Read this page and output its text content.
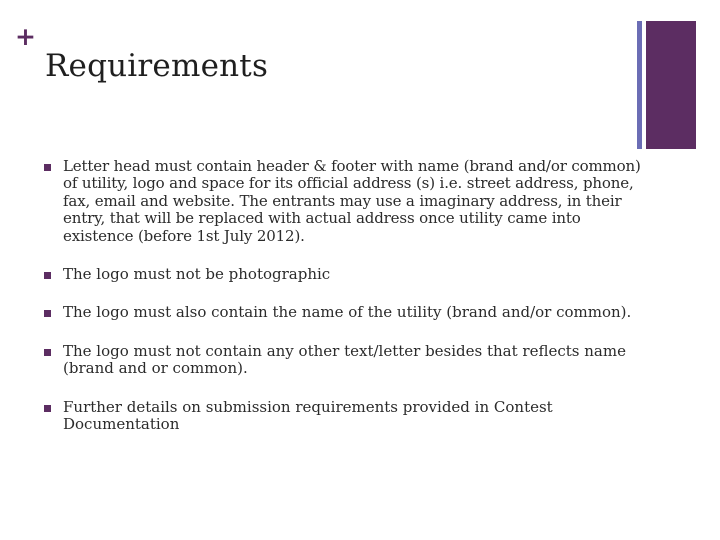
+
Requirements
Letter head must contain header & footer with name (brand and/or common) of utility, logo and space for its official address (s) i.e. street address, phone, fax, email and website. The entrants may use a imaginary address, in their entry, that will be replaced with actual address once utility came into existence (before 1st July 2012).
The logo must not be photographic
The logo must also contain the name of the utility (brand and/or common).
The logo must not contain any other text/letter besides that reflects name (brand and or common).
Further details on submission requirements provided in Contest Documentation
